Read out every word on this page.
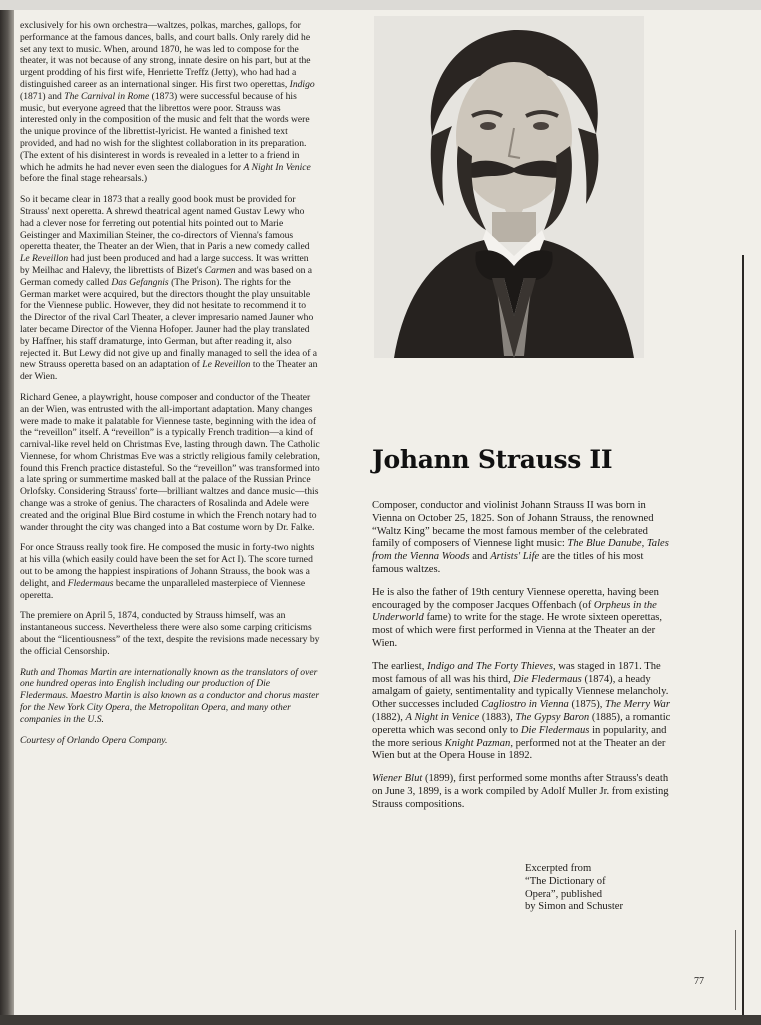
exclusively for his own orchestra—waltzes, polkas, marches, gallops, for performance at the famous dances, balls, and court balls. Only rarely did he set any text to music. When, around 1870, he was led to compose for the theater, it was not because of any strong, innate desire on his part, but at the urgent prodding of his first wife, Henriette Treffz (Jetty), who had had a distinguished career as an international singer. His first two operettas, Indigo (1871) and The Carnival in Rome (1873) were successful because of his music, but everyone agreed that the librettos were poor. Strauss was interested only in the composition of the music and felt that the words were the unique province of the librettist-lyricist. He wanted a finished text provided, and had no wish for the slightest collaboration in its preparation. (The extent of his disinterest in words is revealed in a letter to a friend in which he admits he had never even seen the dialogues for A Night In Venice before the final stage rehearsals.)

So it became clear in 1873 that a really good book must be provided for Strauss' next operetta. A shrewd theatrical agent named Gustav Lewy who had a clever nose for ferreting out potential hits pointed out to Marie Geistinger and Maximilian Steiner, the co-directors of Vienna's famous operetta theater, the Theater an der Wien, that in Paris a new comedy called Le Reveillon had just been produced and had a large success. It was written by Meilhac and Halevy, the librettists of Bizet's Carmen and was based on a German comedy called Das Gefangnis (The Prison). The rights for the German market were acquired, but the directors thought the play unsuitable for the Viennese public. However, they did not hesitate to recommend it to the Director of the rival Carl Theater, a clever impresario named Jauner who later became Director of the Vienna Hofoper. Jauner had the play translated by Haffner, his staff dramaturge, into German, but after reading it, also rejected it. But Lewy did not give up and finally managed to sell the idea of a new Strauss operetta based on an adaptation of Le Reveillon to the Theater an der Wien.

Richard Genee, a playwright, house composer and conductor of the Theater an der Wien, was entrusted with the all-important adaptation. Many changes were made to make it palatable for Viennese taste, beginning with the idea of the “reveillon” itself. A “reveillon” is a typically French tradition—a kind of carnival-like revel held on Christmas Eve, lasting through dawn. The Catholic Viennese, for whom Christmas Eve was a strictly religious family celebration, found this French practice distasteful. So the “reveillon” was transformed into a late spring or summertime masked ball at the palace of the Russian Prince Orlofsky. Considering Strauss' forte—brilliant waltzes and dance music—this change was a stroke of genius. The characters of Rosalinda and Adele were created and the original Blue Bird costume in which the French notary had to wander throught the city was changed into a Bat costume worn by Dr. Falke.

For once Strauss really took fire. He composed the music in forty-two nights at his villa (which easily could have been the set for Act I). The score turned out to be among the happiest inspirations of Johann Strauss, the book was a delight, and Fledermaus became the unparalleled masterpiece of Viennese operetta.

The premiere on April 5, 1874, conducted by Strauss himself, was an instantaneous success. Nevertheless there were also some carping criticisms about the “licentiousness” of the text, despite the revisions made necessary by the official Censorship.

Ruth and Thomas Martin are internationally known as the translators of over one hundred operas into English including our production of Die Fledermaus. Maestro Martin is also known as a conductor and chorus master for the New York City Opera, the Metropolitan Opera, and many other companies in the U.S.

Courtesy of Orlando Opera Company.

Johann Strauss II

Composer, conductor and violinist Johann Strauss II was born in Vienna on October 25, 1825. Son of Johann Strauss, the renowned “Waltz King” became the most famous member of the celebrated family of composers of Viennese light music: The Blue Danube, Tales from the Vienna Woods and Artists' Life are the titles of his most famous waltzes.

He is also the father of 19th century Viennese operetta, having been encouraged by the composer Jacques Offenbach (of Orpheus in the Underworld fame) to write for the stage. He wrote sixteen operettas, most of which were first performed in Vienna at the Theater an der Wien.

The earliest, Indigo and The Forty Thieves, was staged in 1871. The most famous of all was his third, Die Fledermaus (1874), a heady amalgam of gaiety, sentimentality and typically Viennese melancholy. Other successes included Cagliostro in Vienna (1875), The Merry War (1882), A Night in Venice (1883), The Gypsy Baron (1885), a romantic operetta which was second only to Die Fledermaus in popularity, and the more serious Knight Pazman, performed not at the Theater an der Wien but at the Opera House in 1892.

Wiener Blut (1899), first performed some months after Strauss's death on June 3, 1899, is a work compiled by Adolf Muller Jr. from existing Strauss compositions.

Excerpted from
“The Dictionary of
Opera”, published
by Simon and Schuster
77
